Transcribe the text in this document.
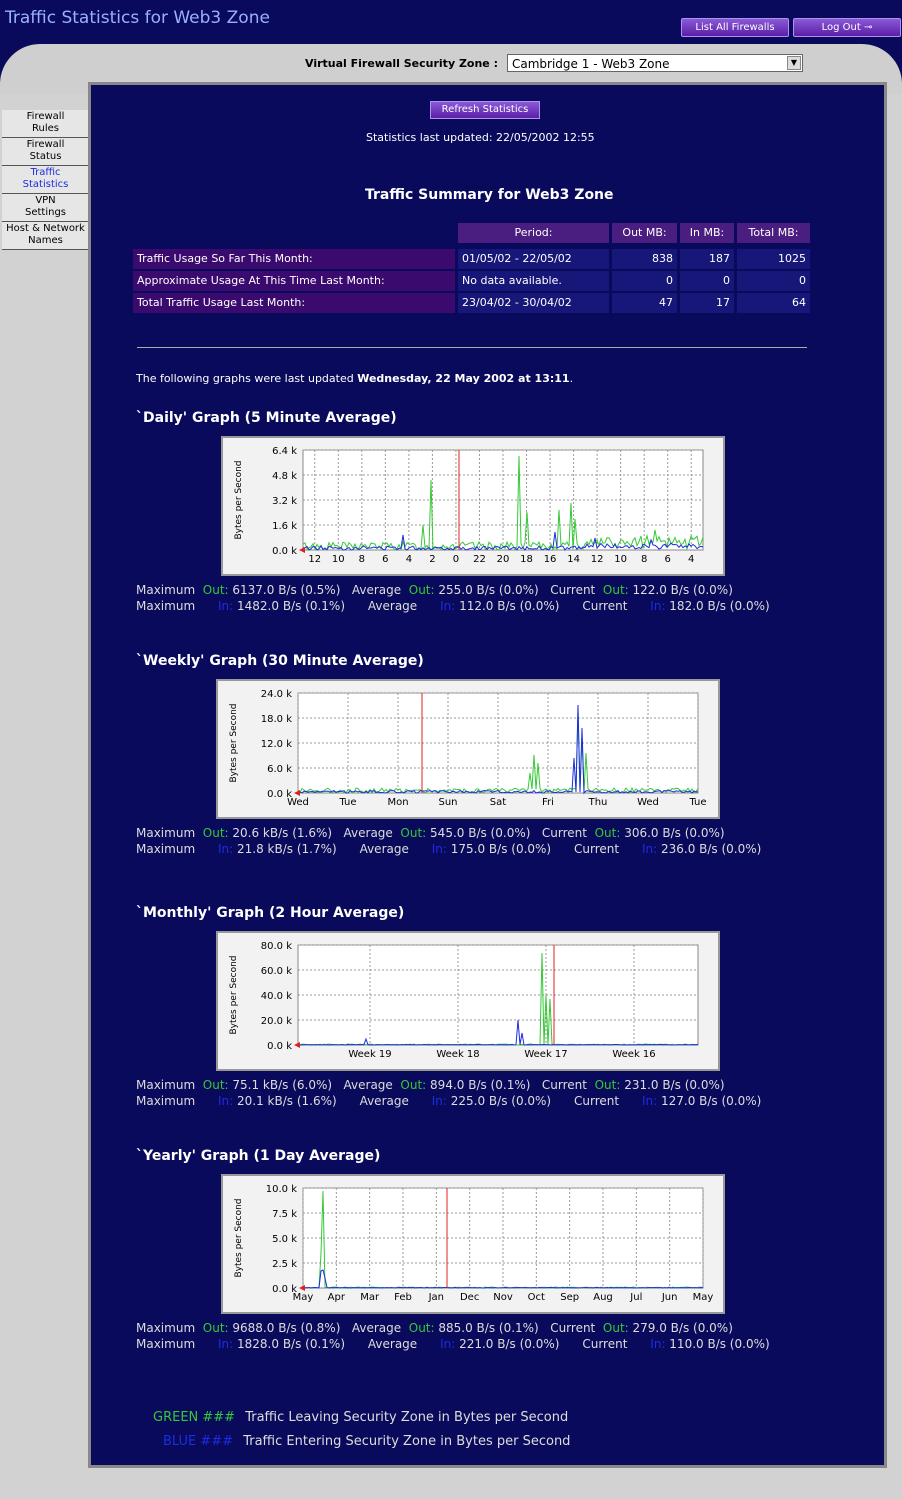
Traffic Statistics for Web3 Zone	List All Firewalls	Log Out ⊸
Virtual Firewall Security Zone :	Cambridge 1 - Web3 Zone	▼
Firewall
Rules
Firewall
Status
Traffic
Statistics
VPN
Settings
Host & Network
Names
Refresh Statistics
Statistics last updated: 22/05/2002 12:55
Traffic Summary for Web3 Zone
Period:	Out MB:	In MB:	Total MB:
Traffic Usage So Far This Month:	01/05/02 - 22/05/02	838	187	1025
Approximate Usage At This Time Last Month:	No data available.	0	0	0
Total Traffic Usage Last Month:	23/04/02 - 30/04/02	47	17	64
The following graphs were last updated Wednesday, 22 May 2002 at 13:11.
`Daily' Graph (5 Minute Average)
6.4 k
4.8 k
3.2 k
1.6 k
0.0 k
Bytes per Second
12 10 8 6 4 2 0 22 20 18 16 14 12 10 8 6 4
Maximum  Out: 6137.0 B/s (0.5%)   Average  Out: 255.0 B/s (0.0%)   Current  Out: 122.0 B/s (0.0%)
Maximum      In: 1482.0 B/s (0.1%)      Average      In: 112.0 B/s (0.0%)      Current      In: 182.0 B/s (0.0%)
`Weekly' Graph (30 Minute Average)
24.0 k
18.0 k
12.0 k
6.0 k
0.0 k
Bytes per Second
Wed	Tue	Mon	Sun	Sat	Fri	Thu	Wed	Tue
Maximum  Out: 20.6 kB/s (1.6%)   Average  Out: 545.0 B/s (0.0%)   Current  Out: 306.0 B/s (0.0%)
Maximum      In: 21.8 kB/s (1.7%)      Average      In: 175.0 B/s (0.0%)      Current      In: 236.0 B/s (0.0%)
`Monthly' Graph (2 Hour Average)
80.0 k
60.0 k
40.0 k
20.0 k
0.0 k
Bytes per Second
Week 19	Week 18	Week 17	Week 16
Maximum  Out: 75.1 kB/s (6.0%)   Average  Out: 894.0 B/s (0.1%)   Current  Out: 231.0 B/s (0.0%)
Maximum      In: 20.1 kB/s (1.6%)      Average      In: 225.0 B/s (0.0%)      Current      In: 127.0 B/s (0.0%)
`Yearly' Graph (1 Day Average)
10.0 k
7.5 k
5.0 k
2.5 k
0.0 k
Bytes per Second
May Apr Mar Feb Jan Dec Nov Oct Sep Aug Jul Jun May
Maximum  Out: 9688.0 B/s (0.8%)   Average  Out: 885.0 B/s (0.1%)   Current  Out: 279.0 B/s (0.0%)
Maximum      In: 1828.0 B/s (0.1%)      Average      In: 221.0 B/s (0.0%)      Current      In: 110.0 B/s (0.0%)
GREEN ### Traffic Leaving Security Zone in Bytes per Second
BLUE ### Traffic Entering Security Zone in Bytes per Second
